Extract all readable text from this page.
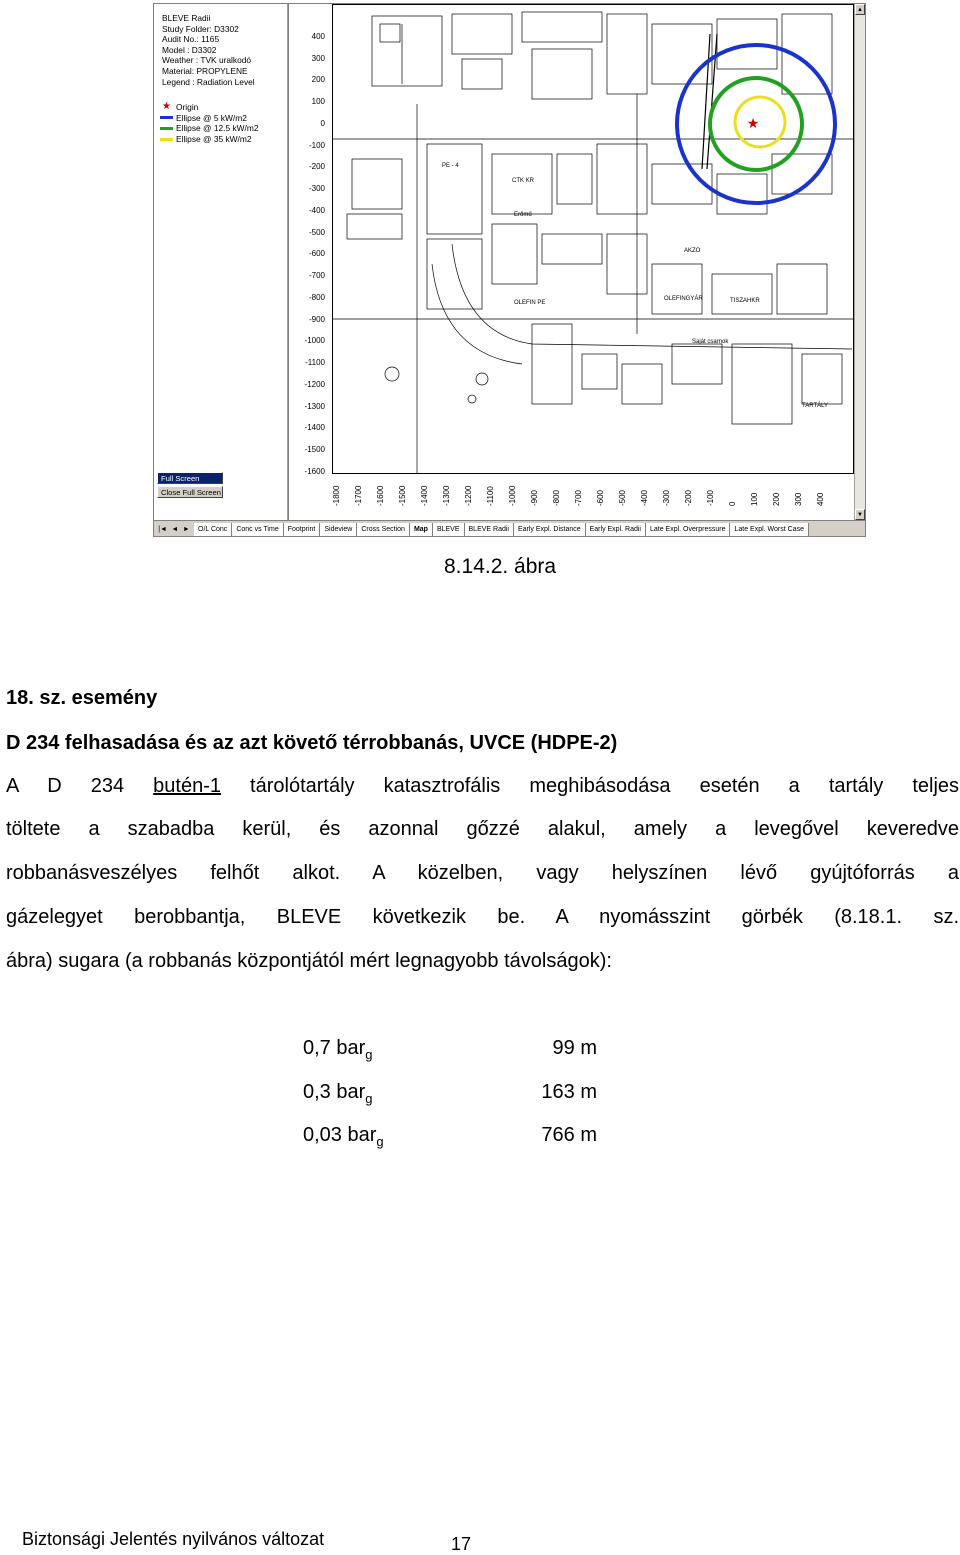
BLEVE Radii
Study Folder: D3302
Audit No.: 1165
Model : D3302
Weather : TVK uralkodó
Material: PROPYLENE
Legend : Radiation Level
★ Origin
Ellipse @ 5 kW/m2
Ellipse @ 12.5 kW/m2
Ellipse @ 35 kW/m2
Full Screen
Close Full Screen
400
300
200
100
0
-100
-200
-300
-400
-500
-600
-700
-800
-900
-1000
-1100
-1200
-1300
-1400
-1500
-1600
PE - 4
CTK KR
Erőmű
OLEFIN PE
Saját csarnok
OLEFINGYÁR	TISZAHKR
AKZO
TARTÁLY
★
-1800 -1700 -1600 -1500 -1400 -1300 -1200 -1100 -1000 -900 -800 -700 -600 -500 -400 -300 -200 -100 0 100 200 300 400
▲
▼
|◄ ◄ ►	O/L Conc	Conc vs Time	Footprint	Sideview	Cross Section	Map	BLEVE	BLEVE Radii	Early Expl. Distance	Early Expl. Radii	Late Expl. Overpressure	Late Expl. Worst Case
8.14.2. ábra
18. sz. esemény
D 234 felhasadása és az azt követő térrobbanás, UVCE (HDPE-2)
A D 234 butén-1 tárolótartály katasztrofális meghibásodása esetén a tartály teljes
töltete a szabadba kerül, és azonnal gőzzé alakul, amely a levegővel keveredve
robbanásveszélyes felhőt alkot. A közelben, vagy helyszínen lévő gyújtóforrás a
gázelegyet berobbantja, BLEVE következik be. A nyomásszint görbék (8.18.1. sz.
ábra) sugara (a robbanás központjától mért legnagyobb távolságok):
0,7 bar$_g$	99 m
0,3 bar$_g$	163 m
0,03 bar$_g$	766 m
Biztonsági Jelentés nyilvános változat	17
